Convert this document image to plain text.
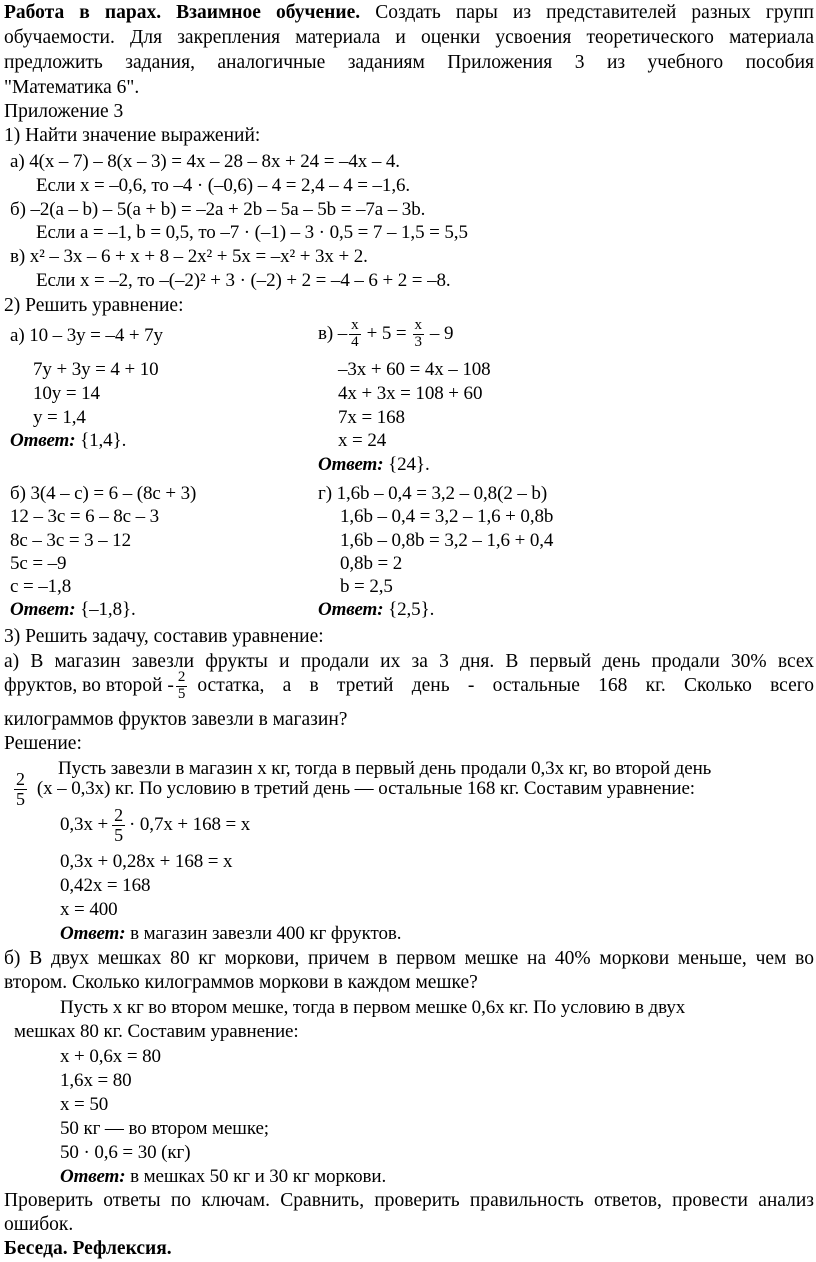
Работа в парах. Взаимное обучение. Создать пары из представителей разных групп
обучаемости. Для закрепления материала и оценки усвоения теоретического материала
предложить задания, аналогичные заданиям Приложения 3 из учебного пособия
"Математика 6".
Приложение 3
1) Найти значение выражений:
а) 4(x – 7) – 8(x – 3) = 4x – 28 – 8x + 24 = –4x – 4.
Если x = –0,6, то –4 · (–0,6) – 4 = 2,4 – 4 = –1,6.
б) –2(a – b) – 5(a + b) = –2a + 2b – 5a – 5b = –7a – 3b.
Если a = –1, b = 0,5, то –7 · (–1) – 3 · 0,5 = 7 – 1,5 = 5,5
в) x² – 3x – 6 + x + 8 – 2x² + 5x = –x² + 3x + 2.
Если x = –2, то –(–2)² + 3 · (–2) + 2 = –4 – 6 + 2 = –8.
2) Решить уравнение:
а) 10 – 3y = –4 + 7y
7y + 3y = 4 + 10
10y = 14
y = 1,4
Ответ: {1,4}.
$в) - \frac{x}{4} + 5 = \frac{x}{3} - 9$
–3x + 60 = 4x – 108
4x + 3x = 108 + 60
7x = 168
x = 24
Ответ: {24}.
б) 3(4 – c) = 6 – (8c + 3)
12 – 3c = 6 – 8c – 3
8c – 3c = 3 – 12
5c = –9
c = –1,8
Ответ: {–1,8}.
г) 1,6b – 0,4 = 3,2 – 0,8(2 – b)
1,6b – 0,4 = 3,2 – 1,6 + 0,8b
1,6b – 0,8b = 3,2 – 1,6 + 0,4
0,8b = 2
b = 2,5
Ответ: {2,5}.
3) Решить задачу, составив уравнение:
а) В магазин завезли фрукты и продали их за 3 дня. В первый день продали 30% всех
фруктов, во второй - $\frac{2}{5}$ остатка, а в третий день - остальные 168 кг. Сколько всего
килограммов фруктов завезли в магазин?
Решение:
Пусть завезли в магазин x кг, тогда в первый день продали 0,3x кг, во второй день
$\frac{2}{5} (x - 0,3x)$ кг. По условию в третий день — остальные 168 кг. Составим уравнение:
$0,3x + \frac{2}{5} \cdot 0,7x + 168 = x$
0,3x + 0,28x + 168 = x
0,42x = 168
x = 400
Ответ: в магазин завезли 400 кг фруктов.
б) В двух мешках 80 кг моркови, причем в первом мешке на 40% моркови меньше, чем во
втором. Сколько килограммов моркови в каждом мешке?
Пусть x кг во втором мешке, тогда в первом мешке 0,6x кг. По условию в двух
мешках 80 кг. Составим уравнение:
x + 0,6x = 80
1,6x = 80
x = 50
50 кг — во втором мешке;
50 · 0,6 = 30 (кг)
Ответ: в мешках 50 кг и 30 кг моркови.
Проверить ответы по ключам. Сравнить, проверить правильность ответов, провести анализ
ошибок.
Беседа. Рефлексия.
